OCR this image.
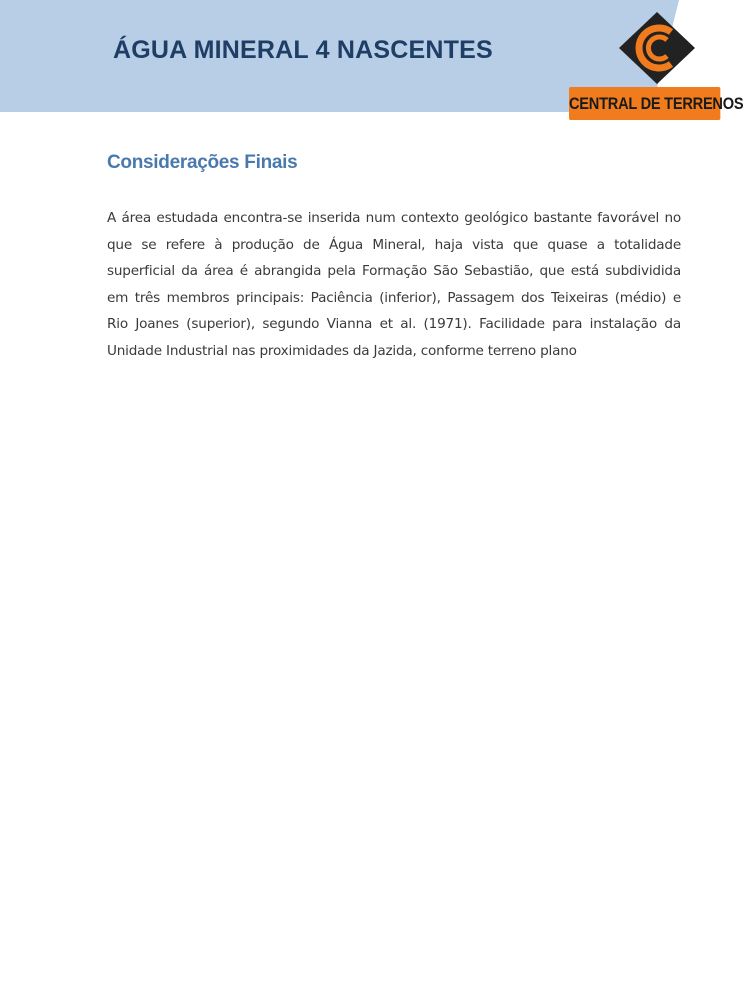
ÁGUA MINERAL 4 NASCENTES
CENTRAL DE TERRENOS
Considerações Finais

A área estudada encontra-se inserida num contexto geológico bastante favorável no que se refere à produção de Água Mineral, haja vista que quase a totalidade superficial da área é abrangida pela Formação São Sebastião, que está subdividida em três membros principais: Paciência (inferior), Passagem dos Teixeiras (médio) e Rio Joanes (superior), segundo Vianna et al. (1971). Facilidade para instalação da Unidade Industrial nas proximidades da Jazida, conforme terreno plano
